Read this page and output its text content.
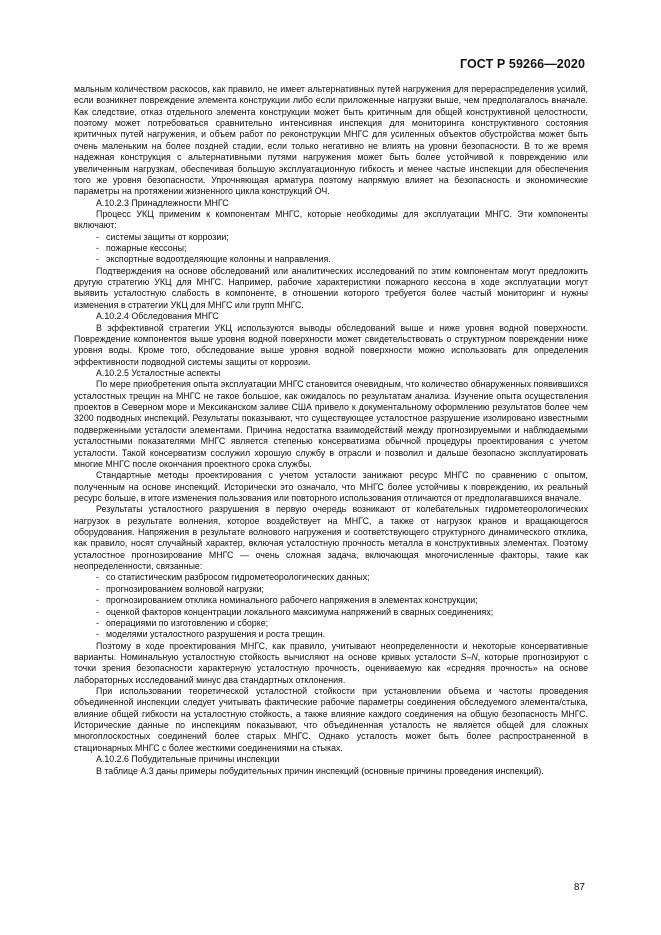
ГОСТ Р 59266—2020

мальным количеством раскосов, как правило, не имеет альтернативных путей нагружения для перераспределения усилий, если возникнет повреждение элемента конструкции либо если приложенные нагрузки выше, чем предполагалось вначале. Как следствие, отказ отдельного элемента конструкции может быть критичным для общей конструктивной целостности, поэтому может потребоваться сравнительно интенсивная инспекция для мониторинга конструктивного состояния критичных путей нагружения, и объем работ по реконструкции МНГС для усиленных объектов обустройства может быть очень маленьким на более поздней стадии, если только негативно не влиять на уровни безопасности. В то же время надежная конструкция с альтернативными путями нагружения может быть более устойчивой к повреждению или увеличенным нагрузкам, обеспечивая большую эксплуатационную гибкость и менее частые инспекции для обеспечения того же уровня безопасности. Упрочняющая арматура поэтому напрямую влияет на безопасность и экономические параметры на протяжении жизненного цикла конструкций ОЧ.

А.10.2.3 Принадлежности МНГС

Процесс УКЦ применим к компонентам МНГС, которые необходимы для эксплуатации МНГС. Эти компоненты включают:

- системы защиты от коррозии;
- пожарные кессоны;
- экспортные водоотделяющие колонны и направления.

Подтверждения на основе обследований или аналитических исследований по этим компонентам могут предложить другую стратегию УКЦ для МНГС. Например, рабочие характеристики пожарного кессона в ходе эксплуатации могут выявить усталостную слабость в компоненте, в отношении которого требуется более частый мониторинг и нужны изменения в стратегии УКЦ для МНГС или групп МНГС.

А.10.2.4 Обследования МНГС

В эффективной стратегии УКЦ используются выводы обследований выше и ниже уровня водной поверхности. Повреждение компонентов выше уровня водной поверхности может свидетельствовать о структурном повреждении ниже уровня воды. Кроме того, обследование выше уровня водной поверхности можно использовать для определения эффективности подводной системы защиты от коррозии.

А.10.2.5 Усталостные аспекты

По мере приобретения опыта эксплуатации МНГС становится очевидным, что количество обнаруженных появившихся усталостных трещин на МНГС не такое большое, как ожидалось по результатам анализа. Изучение опыта осуществления проектов в Северном море и Мексиканском заливе США привело к документальному оформлению результатов более чем 3200 подводных инспекций. Результаты показывают, что существующее усталостное разрушение изолировано известными подверженными усталости элементами. Причина недостатка взаимодействий между прогнозируемыми и наблюдаемыми усталостными показателями МНГС является степенью консерватизма обычной процедуры проектирования с учетом усталости. Такой консерватизм сослужил хорошую службу в отрасли и позволил и дальше безопасно эксплуатировать многие МНГС после окончания проектного срока службы.

Стандартные методы проектирования с учетом усталости занижают ресурс МНГС по сравнению с опытом, полученным на основе инспекций. Исторически это означало, что МНГС более устойчивы к повреждению, их реальный ресурс больше, в итоге изменения пользования или повторного использования отличаются от предполагавшихся вначале.

Результаты усталостного разрушения в первую очередь возникают от колебательных гидрометеорологических нагрузок в результате волнения, которое воздействует на МНГС, а также от нагрузок кранов и вращающегося оборудования. Напряжения в результате волнового нагружения и соответствующего структурного динамического отклика, как правило, носят случайный характер, включая усталостную прочность металла в конструктивных элементах. Поэтому усталостное прогнозирование МНГС — очень сложная задача, включающая многочисленные факторы, такие как неопределенности, связанные:

- со статистическим разбросом гидрометеорологических данных;
- прогнозированием волновой нагрузки;
- прогнозированием отклика номинального рабочего напряжения в элементах конструкции;
- оценкой факторов концентрации локального максимума напряжений в сварных соединениях;
- операциями по изготовлению и сборке;
- моделями усталостного разрушения и роста трещин.

Поэтому в ходе проектирования МНГС, как правило, учитывают неопределенности и некоторые консервативные варианты. Номинальную усталостную стойкость вычисляют на основе кривых усталости S–N, которые прогнозируют с точки зрения безопасности характерную усталостную прочность, оцениваемую как «средняя прочность» на основе лабораторных исследований минус два стандартных отклонения.

При использовании теоретической усталостной стойкости при установлении объема и частоты проведения объединенной инспекции следует учитывать фактические рабочие параметры соединения обследуемого элемента/стыка, влияние общей гибкости на усталостную стойкость, а также влияние каждого соединения на общую безопасность МНГС. Исторические данные по инспекциям показывают, что объединенная усталость не является общей для сложных многоплоскостных соединений более старых МНГС. Однако усталость может быть более распространенной в стационарных МНГС с более жесткими соединениями на стыках.

А.10.2.6 Побудительные причины инспекции

В таблице А.3 даны примеры побудительных причин инспекций (основные причины проведения инспекций).

87
